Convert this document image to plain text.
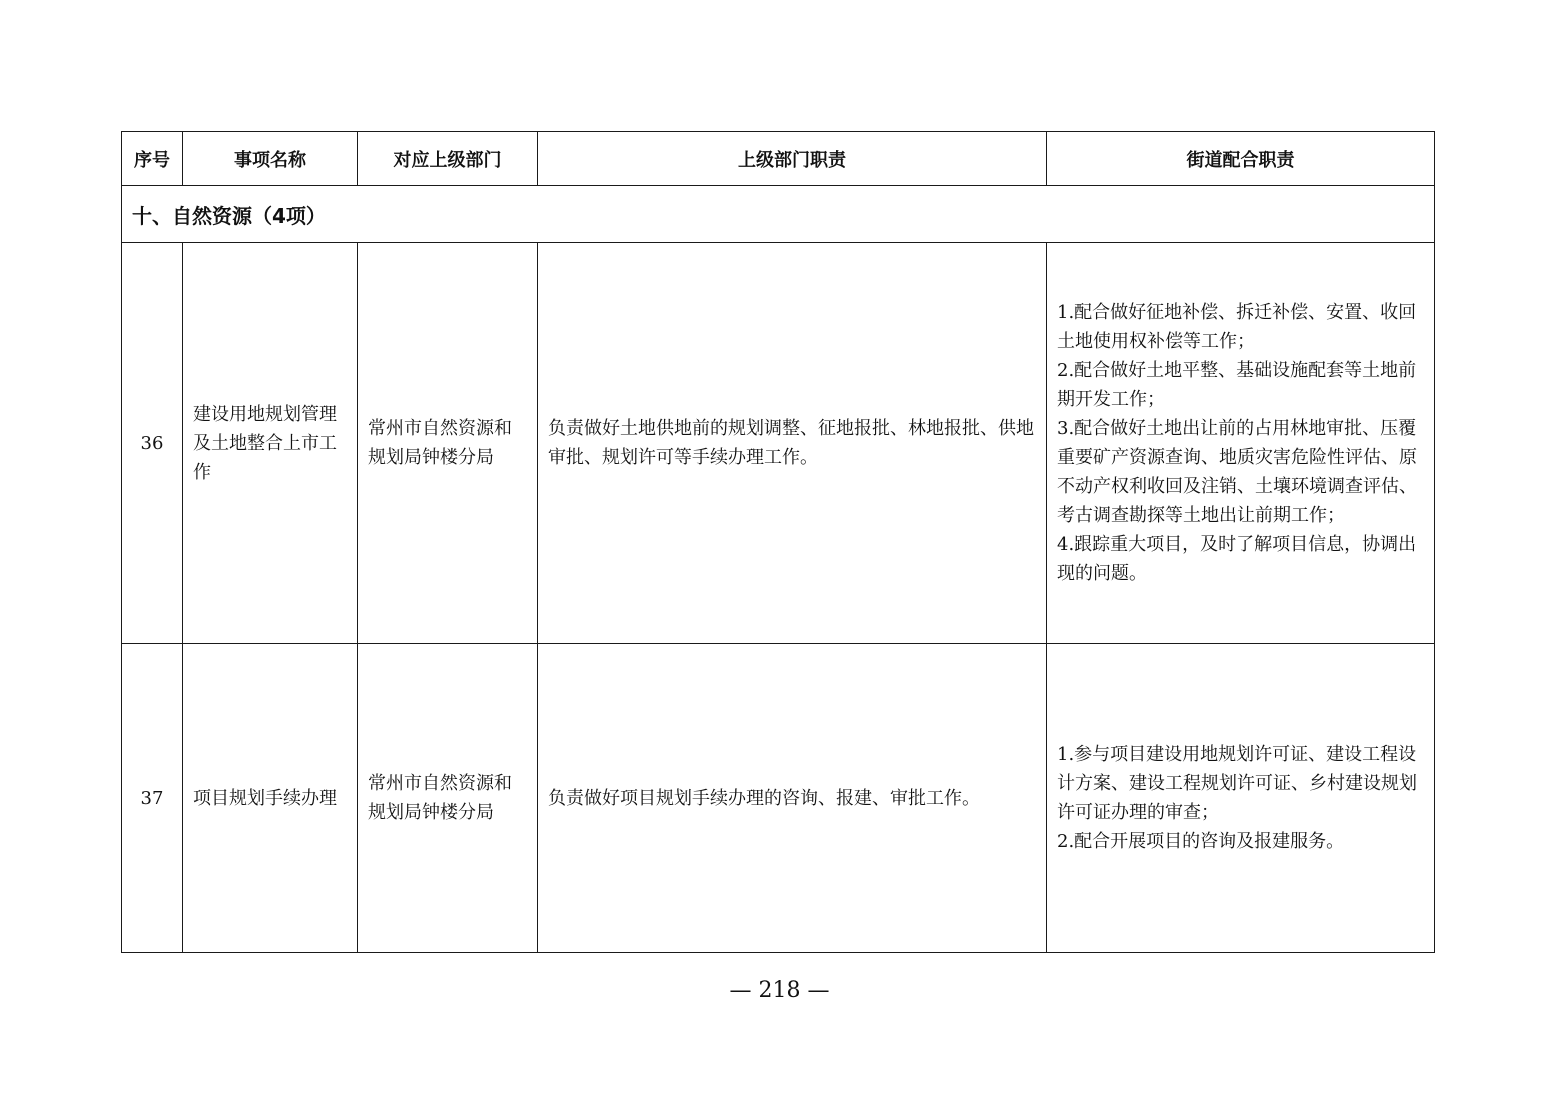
序号	事项名称	对应上级部门	上级部门职责	街道配合职责
十、自然资源（4项）				
36	建设用地规划管理及土地整合上市工作	常州市自然资源和规划局钟楼分局	负责做好土地供地前的规划调整、征地报批、林地报批、供地审批、规划许可等手续办理工作。	1.配合做好征地补偿、拆迁补偿、安置、收回土地使用权补偿等工作；
2.配合做好土地平整、基础设施配套等土地前期开发工作；
3.配合做好土地出让前的占用林地审批、压覆重要矿产资源查询、地质灾害危险性评估、原不动产权利收回及注销、土壤环境调查评估、考古调查勘探等土地出让前期工作；
4.跟踪重大项目，及时了解项目信息，协调出现的问题。

37	项目规划手续办理	常州市自然资源和规划局钟楼分局	负责做好项目规划手续办理的咨询、报建、审批工作。	1.参与项目建设用地规划许可证、建设工程设计方案、建设工程规划许可证、乡村建设规划许可证办理的审查；
2.配合开展项目的咨询及报建服务。
— 218 —
